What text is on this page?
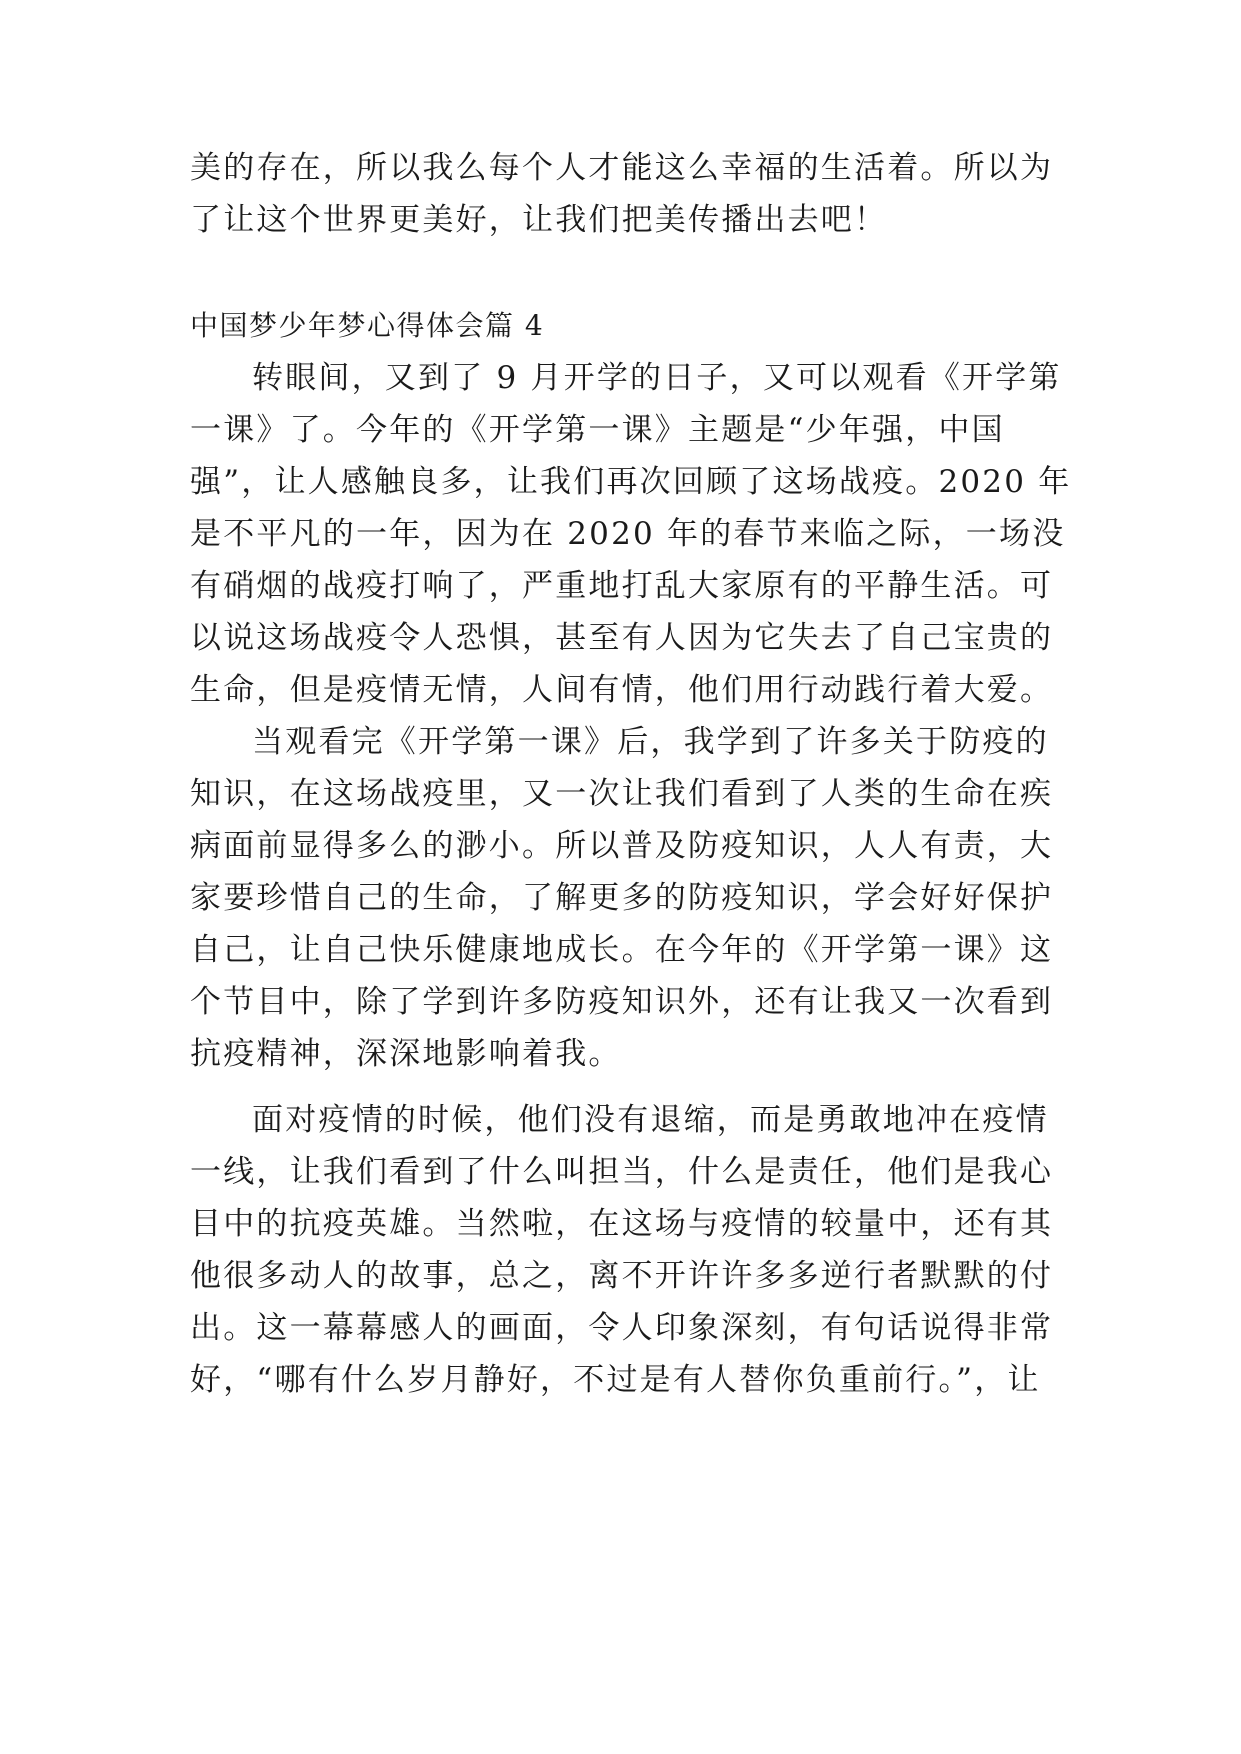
美的存在，所以我么每个人才能这么幸福的生活着。所以为

了让这个世界更美好，让我们把美传播出去吧！

中国梦少年梦心得体会篇 4

转眼间，又到了 9 月开学的日子，又可以观看《开学第

一课》了。今年的《开学第一课》主题是“少年强，中国

强”，让人感触良多，让我们再次回顾了这场战疫。2020 年

是不平凡的一年，因为在 2020 年的春节来临之际，一场没

有硝烟的战疫打响了，严重地打乱大家原有的平静生活。可

以说这场战疫令人恐惧，甚至有人因为它失去了自己宝贵的

生命，但是疫情无情，人间有情，他们用行动践行着大爱。

当观看完《开学第一课》后，我学到了许多关于防疫的

知识，在这场战疫里，又一次让我们看到了人类的生命在疾

病面前显得多么的渺小。所以普及防疫知识，人人有责，大

家要珍惜自己的生命，了解更多的防疫知识，学会好好保护

自己，让自己快乐健康地成长。在今年的《开学第一课》这

个节目中，除了学到许多防疫知识外，还有让我又一次看到

抗疫精神，深深地影响着我。

面对疫情的时候，他们没有退缩，而是勇敢地冲在疫情

一线，让我们看到了什么叫担当，什么是责任，他们是我心

目中的抗疫英雄。当然啦，在这场与疫情的较量中，还有其

他很多动人的故事，总之，离不开许许多多逆行者默默的付

出。这一幕幕感人的画面，令人印象深刻，有句话说得非常

好，“哪有什么岁月静好，不过是有人替你负重前行。”，让
